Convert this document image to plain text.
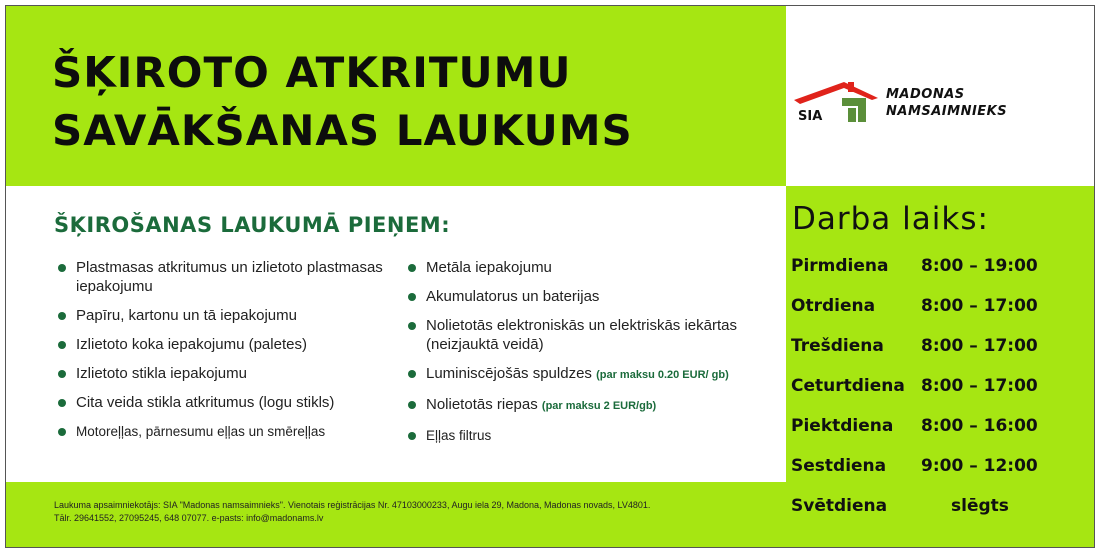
ŠĶIROTO ATKRITUMU
SAVĀKŠANAS LAUKUMS	SIA
MADONAS
NAMSAIMNIEKS
ŠĶIROŠANAS LAUKUMĀ PIEŅEM:
Plastmasas atkritumus un izlietoto plastmasas iepakojumu
Papīru, kartonu un tā iepakojumu
Izlietoto koka iepakojumu (paletes)
Izlietoto stikla iepakojumu
Cita veida stikla atkritumus (logu stikls)
Motoreļļas, pārnesumu eļļas un smēreļļas
Metāla iepakojumu
Akumulatorus un baterijas
Nolietotās elektroniskās un elektriskās iekārtas (neizjauktā veidā)
Luminiscējošās spuldzes (par maksu 0.20 EUR/ gb)
Nolietotās riepas (par maksu 2 EUR/gb)
Eļļas filtrus
Darba laiks:
Pirmdiena 8:00 – 19:00
Otrdiena	8:00 – 17:00
Trešdiena 8:00 – 17:00
Ceturtdiena 8:00 – 17:00
Piektdiena 8:00 – 16:00
Sestdiena 9:00 – 12:00
Svētdiena	slēgts

Laukuma apsaimniekotājs: SIA "Madonas namsaimnieks". Vienotais reģistrācijas Nr. 47103000233, Augu iela 29, Madona, Madonas novads, LV4801.

Tālr. 29641552, 27095245, 648 07077. e-pasts: info@madonams.lv
